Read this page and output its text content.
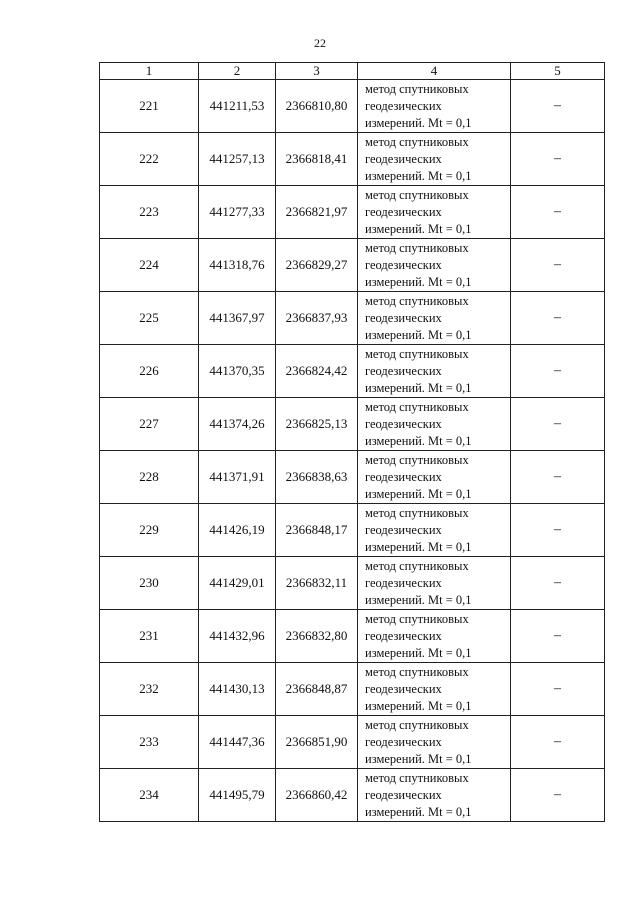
22
1	2	3	4	5
221	441211,53	2366810,80	метод спутниковых
геодезических
измерений. Mt = 0,1	–
222	441257,13	2366818,41	метод спутниковых
геодезических
измерений. Mt = 0,1	–
223	441277,33	2366821,97	метод спутниковых
геодезических
измерений. Mt = 0,1	–
224	441318,76	2366829,27	метод спутниковых
геодезических
измерений. Mt = 0,1	–
225	441367,97	2366837,93	метод спутниковых
геодезических
измерений. Mt = 0,1	–
226	441370,35	2366824,42	метод спутниковых
геодезических
измерений. Mt = 0,1	–
227	441374,26	2366825,13	метод спутниковых
геодезических
измерений. Mt = 0,1	–
228	441371,91	2366838,63	метод спутниковых
геодезических
измерений. Mt = 0,1	–
229	441426,19	2366848,17	метод спутниковых
геодезических
измерений. Mt = 0,1	–
230	441429,01	2366832,11	метод спутниковых
геодезических
измерений. Mt = 0,1	–
231	441432,96	2366832,80	метод спутниковых
геодезических
измерений. Mt = 0,1	–
232	441430,13	2366848,87	метод спутниковых
геодезических
измерений. Mt = 0,1	–
233	441447,36	2366851,90	метод спутниковых
геодезических
измерений. Mt = 0,1	–
234	441495,79	2366860,42	метод спутниковых
геодезических
измерений. Mt = 0,1	–
